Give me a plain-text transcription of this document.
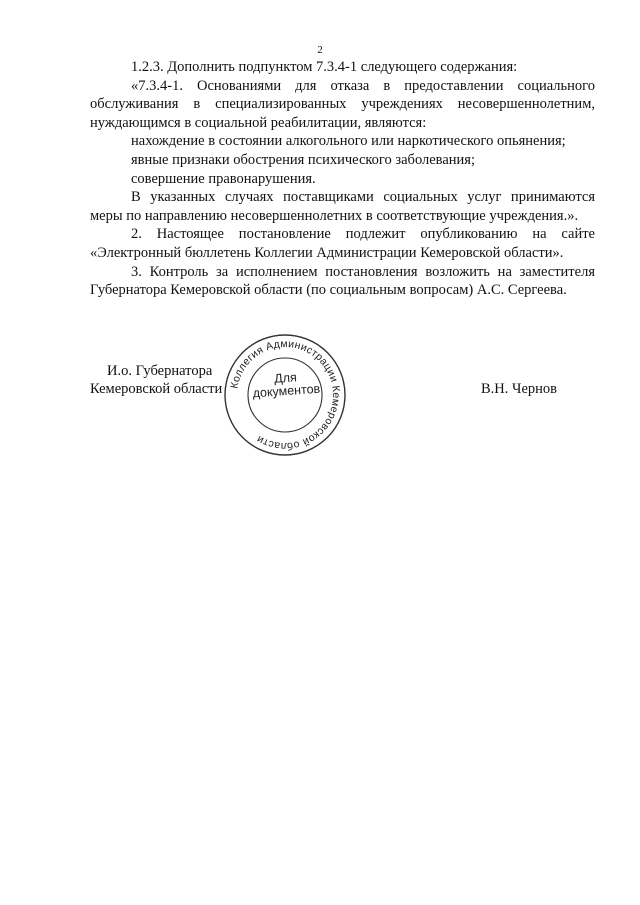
2

1.2.3. Дополнить подпунктом 7.3.4-1 следующего содержания:

«7.3.4-1. Основаниями для отказа в предоставлении социального обслуживания в специализированных учреждениях несовершеннолетним, нуждающимся в социальной реабилитации, являются:

нахождение в состоянии алкогольного или наркотического опьянения;

явные признаки обострения психического заболевания;

совершение правонарушения.

В указанных случаях поставщиками социальных услуг принимаются меры по направлению несовершеннолетних в соответствующие учреждения.».

2. Настоящее постановление подлежит опубликованию на сайте «Электронный бюллетень Коллегии Администрации Кемеровской области».

3. Контроль за исполнением постановления возложить на заместителя Губернатора Кемеровской области (по социальным вопросам) А.С. Сергеева.

И.о. Губернатора
Кемеровской области	В.Н. Чернов
Коллегия Администрации Кемеровской области
Для
документов
